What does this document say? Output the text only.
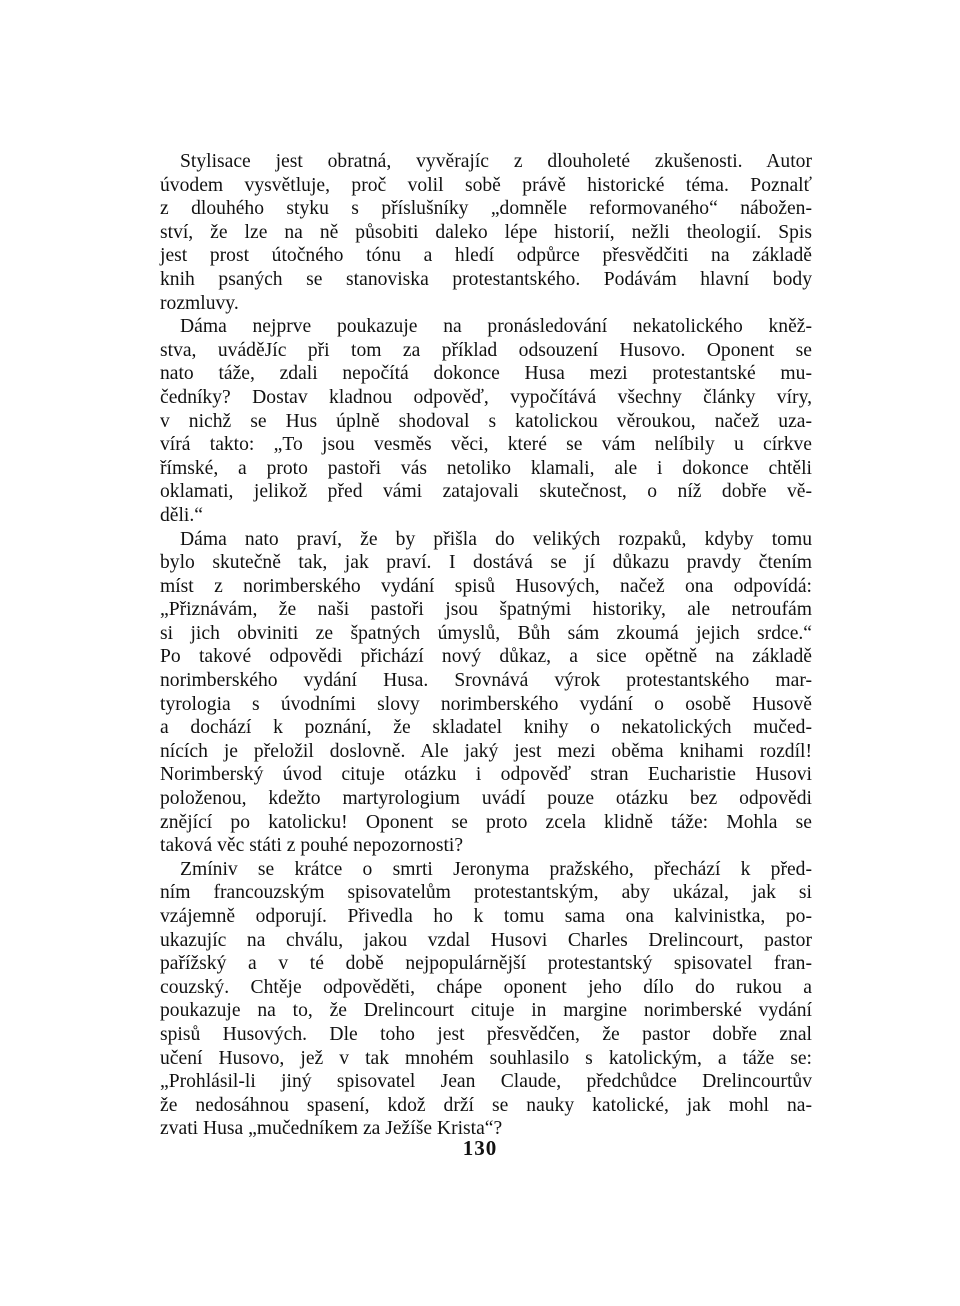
Stylisace jest obratná, vyvěrajíc z dlouholeté zkušenosti. Autor
úvodem vysvětluje, proč volil sobě právě historické téma. Poznalť
z dlouhého styku s příslušníky „domněle reformovaného“ nábožen-
ství, že lze na ně působiti daleko lépe historií, nežli theologií. Spis
jest prost útočného tónu a hledí odpůrce přesvědčiti na základě
knih psaných se stanoviska protestantského. Podávám hlavní body
rozmluvy.
Dáma nejprve poukazuje na pronásledování nekatolického kněž-
stva, uváděJíc při tom za příklad odsouzení Husovo. Oponent se
nato táže, zdali nepočítá dokonce Husa mezi protestantské mu-
čedníky? Dostav kladnou odpověď, vypočítává všechny články víry,
v nichž se Hus úplně shodoval s katolickou věroukou, načež uza-
vírá takto: „To jsou vesměs věci, které se vám nelíbily u církve
římské, a proto pastoři vás netoliko klamali, ale i dokonce chtěli
oklamati, jelikož před vámi zatajovali skutečnost, o níž dobře vě-
děli.“
Dáma nato praví, že by přišla do velikých rozpaků, kdyby tomu
bylo skutečně tak, jak praví. I dostává se jí důkazu pravdy čtením
míst z norimberského vydání spisů Husových, načež ona odpovídá:
„Přiznávám, že naši pastoři jsou špatnými historiky, ale netroufám
si jich obviniti ze špatných úmyslů, Bůh sám zkoumá jejich srdce.“
Po takové odpovědi přichází nový důkaz, a sice opětně na základě
norimberského vydání Husa. Srovnává výrok protestantského mar-
tyrologia s úvodními slovy norimberského vydání o osobě Husově
a dochází k poznání, že skladatel knihy o nekatolických mučed-
nících je přeložil doslovně. Ale jaký jest mezi oběma knihami rozdíl!
Norimberský úvod cituje otázku i odpověď stran Eucharistie Husovi
položenou, kdežto martyrologium uvádí pouze otázku bez odpovědi
znějící po katolicku! Oponent se proto zcela klidně táže: Mohla se
taková věc státi z pouhé nepozornosti?
Zmíniv se krátce o smrti Jeronyma pražského, přechází k před-
ním francouzským spisovatelům protestantským, aby ukázal, jak si
vzájemně odporují. Přivedla ho k tomu sama ona kalvinistka, po-
ukazujíc na chválu, jakou vzdal Husovi Charles Drelincourt, pastor
pařížský a v té době nejpopulárnější protestantský spisovatel fran-
couzský. Chtěje odpověděti, chápe oponent jeho dílo do rukou a
poukazuje na to, že Drelincourt cituje in margine norimberské vydání
spisů Husových. Dle toho jest přesvědčen, že pastor dobře znal
učení Husovo, jež v tak mnohém souhlasilo s katolickým, a táže se:
„Prohlásil-li jiný spisovatel Jean Claude, předchůdce Drelincourtův
že nedosáhnou spasení, kdož drží se nauky katolické, jak mohl na-
zvati Husa „mučedníkem za Ježíše Krista“?
130
